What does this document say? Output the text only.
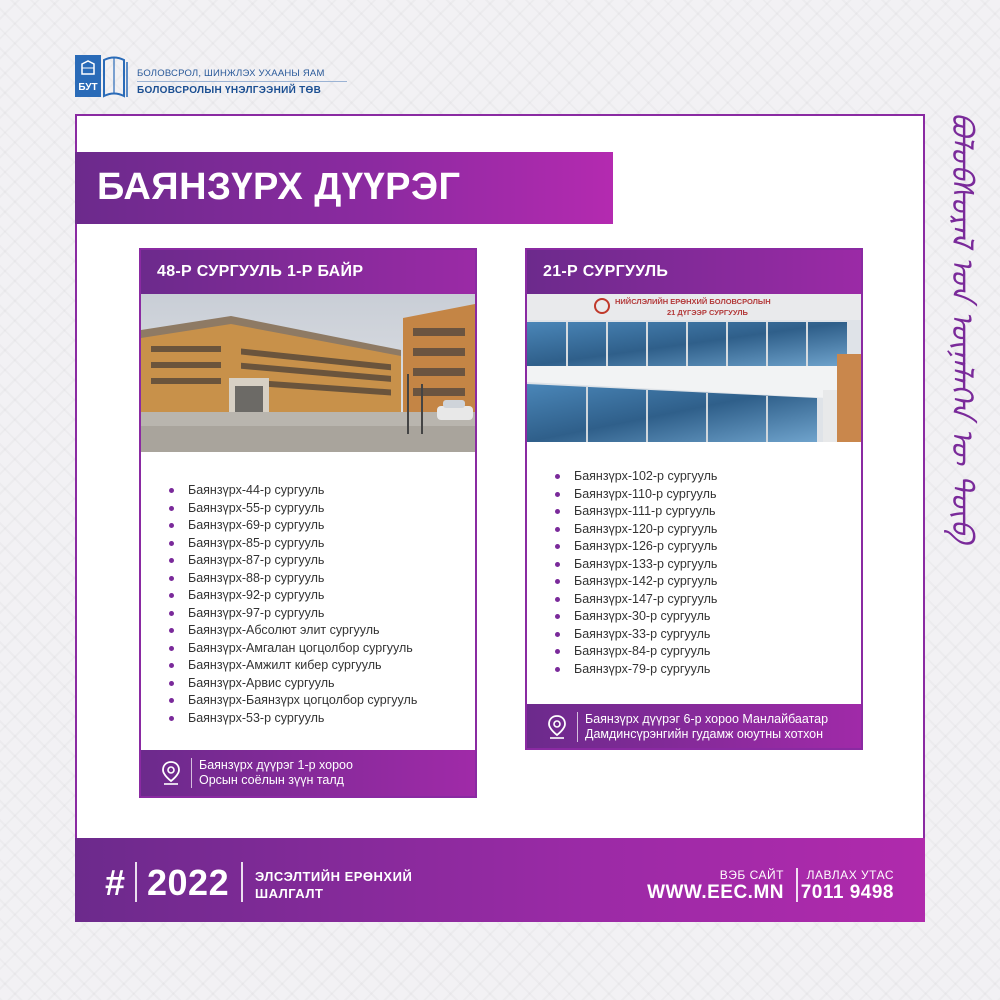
БУТ
БОЛОВСРОЛ, ШИНЖЛЭХ УХААНЫ ЯАМ
БОЛОВСРОЛЫН ҮНЭЛГЭЭНИЙ ТӨВ
ᠪᠣᠯᠣᠪᠰᠤᠷᠠᠯ ᠤᠨ ᠦᠨᠡᠯᠡᠭᠡᠨ ᠦ ᠲᠥᠪ
БАЯНЗҮРХ ДҮҮРЭГ
48-Р СУРГУУЛЬ 1-Р БАЙР
Баянзүрх-44-р сургууль
Баянзүрх-55-р сургууль
Баянзүрх-69-р сургууль
Баянзүрх-85-р сургууль
Баянзүрх-87-р сургууль
Баянзүрх-88-р сургууль
Баянзүрх-92-р сургууль
Баянзүрх-97-р сургууль
Баянзүрх-Абсолют элит сургууль
Баянзүрх-Амгалан цогцолбор сургууль
Баянзүрх-Амжилт кибер сургууль
Баянзүрх-Арвис сургууль
Баянзүрх-Баянзүрх цогцолбор сургууль
Баянзүрх-53-р сургууль
Баянзүрх дүүрэг 1-р хороо
Орсын соёлын зүүн талд
21-Р СУРГУУЛЬ
НИЙСЛЭЛИЙН ЕРӨНХИЙ БОЛОВСРОЛЫН
21 ДҮГЭЭР СУРГУУЛЬ
Баянзүрх-102-р сургууль
Баянзүрх-110-р сургууль
Баянзүрх-111-р сургууль
Баянзүрх-120-р сургууль
Баянзүрх-126-р сургууль
Баянзүрх-133-р сургууль
Баянзүрх-142-р сургууль
Баянзүрх-147-р сургууль
Баянзүрх-30-р сургууль
Баянзүрх-33-р сургууль
Баянзүрх-84-р сургууль
Баянзүрх-79-р сургууль
Баянзүрх дүүрэг 6-р хороо Манлайбаатар
Дамдинсүрэнгийн гудамж оюутны хотхон
# 2022 ЭЛСЭЛТИЙН ЕРӨНХИЙ
ШАЛГАЛТ
ВЭБ САЙТ
WWW.EEC.MN
ЛАВЛАХ УТАС
7011 9498
